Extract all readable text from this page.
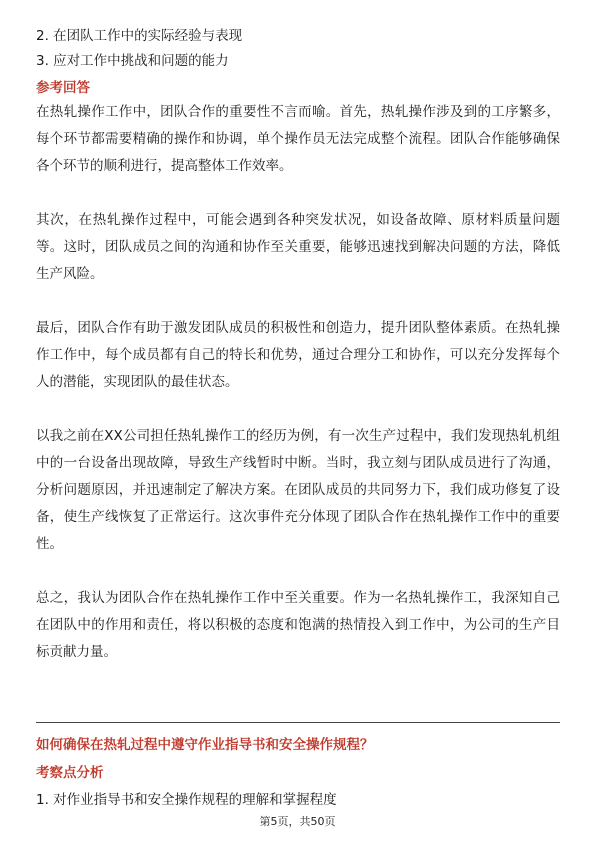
2. 在团队工作中的实际经验与表现
3. 应对工作中挑战和问题的能力
参考回答

在热轧操作工作中，团队合作的重要性不言而喻。首先，热轧操作涉及到的工序繁多，每个环节都需要精确的操作和协调，单个操作员无法完成整个流程。团队合作能够确保各个环节的顺利进行，提高整体工作效率。

其次，在热轧操作过程中，可能会遇到各种突发状况，如设备故障、原材料质量问题等。这时，团队成员之间的沟通和协作至关重要，能够迅速找到解决问题的方法，降低生产风险。

最后，团队合作有助于激发团队成员的积极性和创造力，提升团队整体素质。在热轧操作工作中，每个成员都有自己的特长和优势，通过合理分工和协作，可以充分发挥每个人的潜能，实现团队的最佳状态。

以我之前在XX公司担任热轧操作工的经历为例，有一次生产过程中，我们发现热轧机组中的一台设备出现故障，导致生产线暂时中断。当时，我立刻与团队成员进行了沟通，分析问题原因，并迅速制定了解决方案。在团队成员的共同努力下，我们成功修复了设备，使生产线恢复了正常运行。这次事件充分体现了团队合作在热轧操作工作中的重要性。

总之，我认为团队合作在热轧操作工作中至关重要。作为一名热轧操作工，我深知自己在团队中的作用和责任，将以积极的态度和饱满的热情投入到工作中，为公司的生产目标贡献力量。

如何确保在热轧过程中遵守作业指导书和安全操作规程？
考察点分析
1. 对作业指导书和安全操作规程的理解和掌握程度
第5页，共50页
